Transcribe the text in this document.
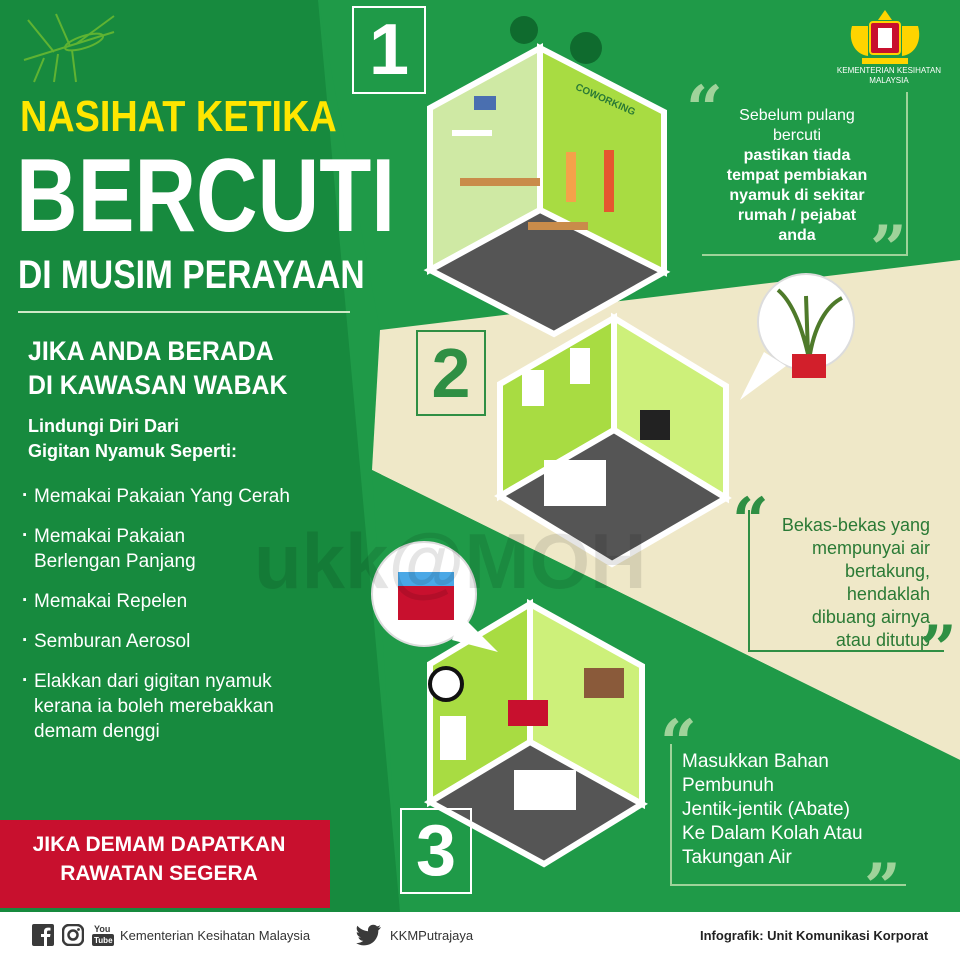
NASIHAT KETIKA
BERCUTI
DI MUSIM PERAYAAN
JIKA ANDA BERADA
DI KAWASAN WABAK
Lindungi Diri Dari
Gigitan Nyamuk Seperti:
· Memakai Pakaian Yang Cerah
· Memakai Pakaian
Berlengan Panjang
· Memakai Repelen
· Semburan Aerosol
· Elakkan dari gigitan nyamuk
kerana ia boleh merebakkan
demam denggi
JIKA DEMAM DAPATKAN
RAWATAN SEGERA
1
2
3
COWORKING “	Sebelum pulang
bercuti
pastikan tiada
tempat pembiakan
nyamuk di sekitar
rumah / pejabat
anda ”
“ Bekas-bekas yang
mempunyai air
bertakung,
hendaklah
dibuang airnya
atau ditutup
”
“
Masukkan Bahan
Pembunuh
Jentik-jentik (Abate)
Ke Dalam Kolah Atau
Takungan Air	”
KEMENTERIAN KESIHATAN
MALAYSIA
ukk@MOH
You
Tube Kementerian Kesihatan Malaysia	KKMPutrajaya	Infografik: Unit Komunikasi Korporat
